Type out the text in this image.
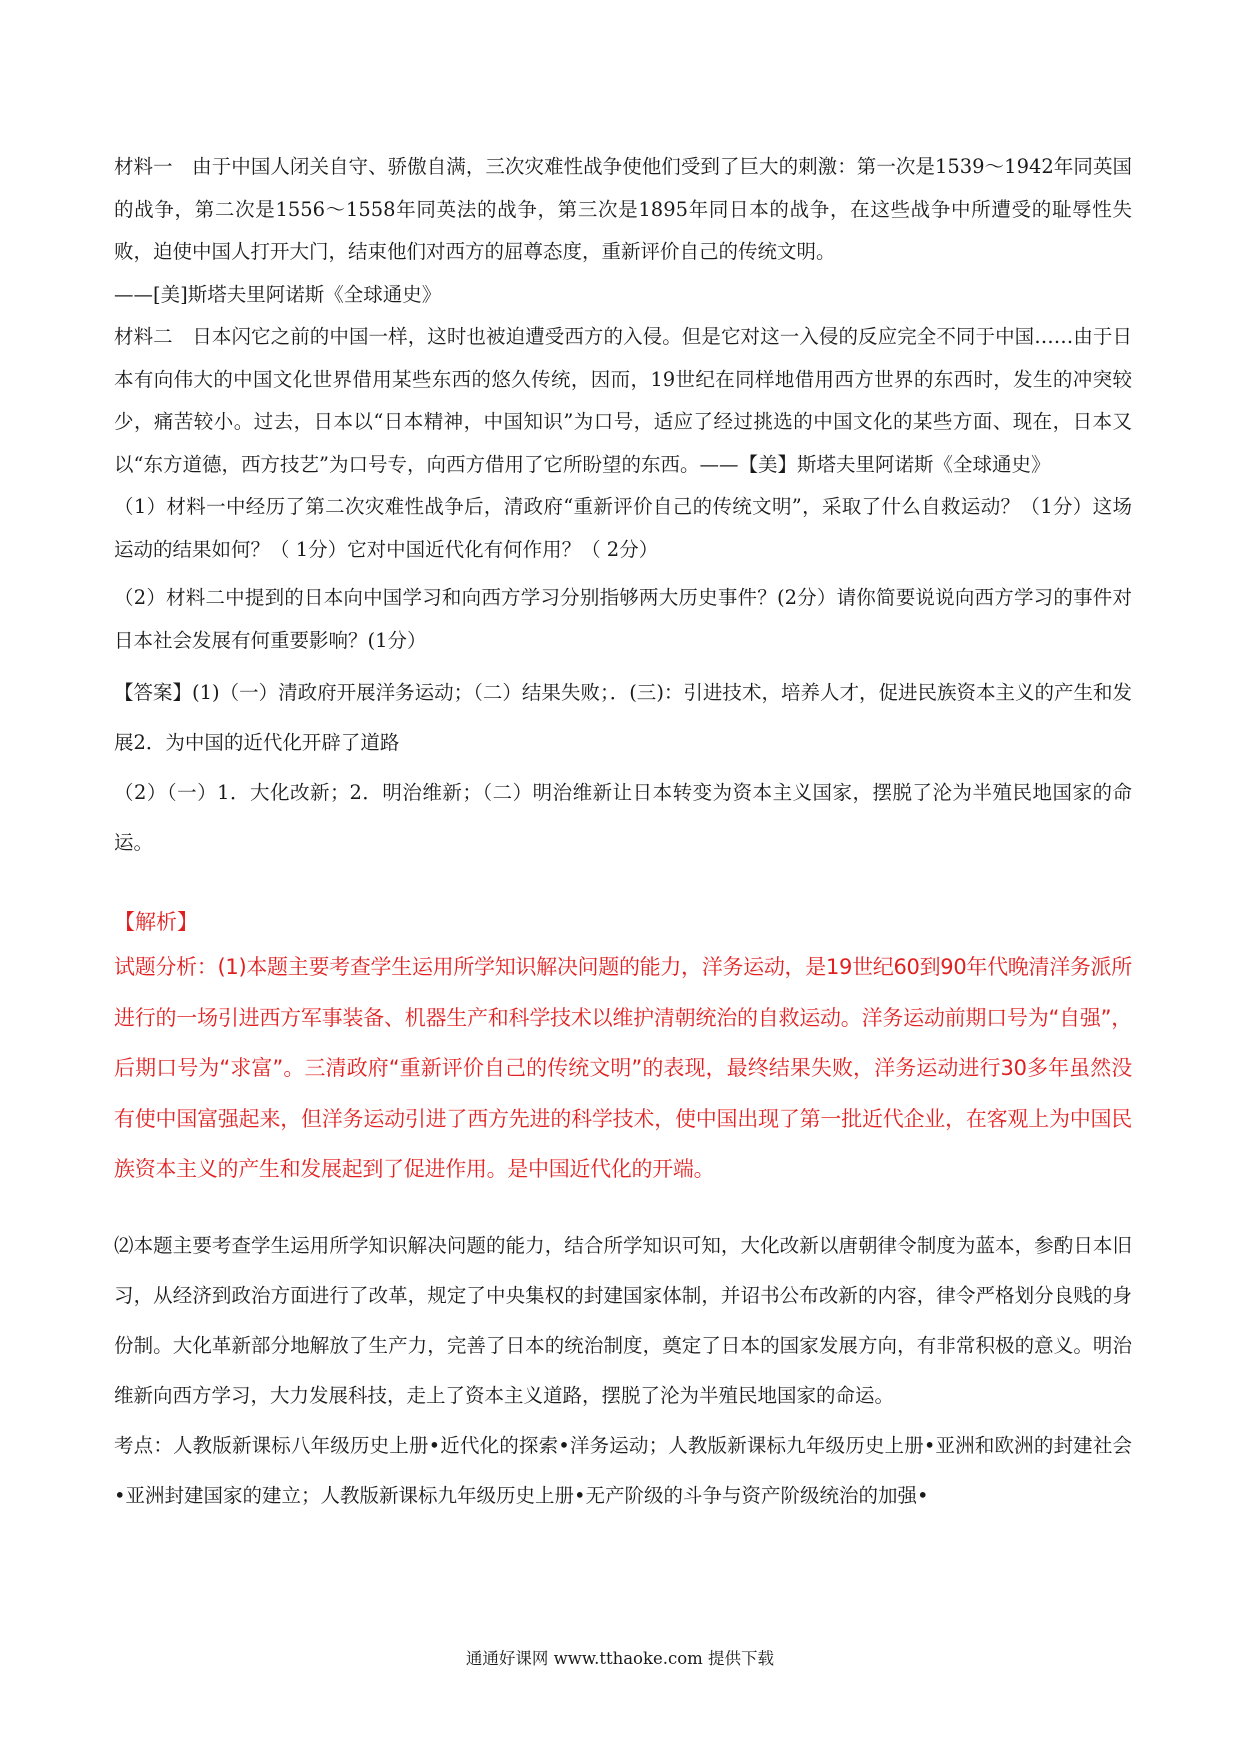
材料一　由于中国人闭关自守、骄傲自满，三次灾难性战争使他们受到了巨大的刺激：第一次是1539～1942年同英国的战争，第二次是1556～1558年同英法的战争，第三次是1895年同日本的战争，在这些战争中所遭受的耻辱性失败，迫使中国人打开大门，结束他们对西方的屈尊态度，重新评价自己的传统文明。

——[美]斯塔夫里阿诺斯《全球通史》

材料二　日本闪它之前的中国一样，这时也被迫遭受西方的入侵。但是它对这一入侵的反应完全不同于中国……由于日本有向伟大的中国文化世界借用某些东西的悠久传统，因而，19世纪在同样地借用西方世界的东西时，发生的冲突较少，痛苦较小。过去，日本以“日本精神，中国知识”为口号，适应了经过挑选的中国文化的某些方面、现在，日本又以“东方道德，西方技艺”为口号专，向西方借用了它所盼望的东西。——【美】斯塔夫里阿诺斯《全球通史》

（1）材料一中经历了第二次灾难性战争后，清政府“重新评价自己的传统文明”，采取了什么自救运动？（1分）这场运动的结果如何？（ 1分）它对中国近代化有何作用？（ 2分）

（2）材料二中提到的日本向中国学习和向西方学习分别指够两大历史事件？(2分）请你简要说说向西方学习的事件对日本社会发展有何重要影响？(1分）

【答案】(1)（一）清政府开展洋务运动；（二）结果失败；．(三)：引进技术，培养人才，促进民族资本主义的产生和发展2．为中国的近代化开辟了道路

（2）（一）1．大化改新；2．明治维新；（二）明治维新让日本转变为资本主义国家，摆脱了沦为半殖民地国家的命运。

【解析】

试题分析：(1)本题主要考查学生运用所学知识解决问题的能力，洋务运动，是19世纪60到90年代晚清洋务派所进行的一场引进西方军事装备、机器生产和科学技术以维护清朝统治的自救运动。洋务运动前期口号为“自强”，后期口号为“求富”。三清政府“重新评价自己的传统文明”的表现，最终结果失败，洋务运动进行30多年虽然没有使中国富强起来，但洋务运动引进了西方先进的科学技术，使中国出现了第一批近代企业，在客观上为中国民族资本主义的产生和发展起到了促进作用。是中国近代化的开端。

⑵本题主要考查学生运用所学知识解决问题的能力，结合所学知识可知，大化改新以唐朝律令制度为蓝本，参酌日本旧习，从经济到政治方面进行了改革，规定了中央集权的封建国家体制，并诏书公布改新的内容，律令严格划分良贱的身份制。大化革新部分地解放了生产力，完善了日本的统治制度，奠定了日本的国家发展方向，有非常积极的意义。明治维新向西方学习，大力发展科技，走上了资本主义道路，摆脱了沦为半殖民地国家的命运。

考点：人教版新课标八年级历史上册•近代化的探索•洋务运动；人教版新课标九年级历史上册•亚洲和欧洲的封建社会•亚洲封建国家的建立；人教版新课标九年级历史上册•无产阶级的斗争与资产阶级统治的加强•

通通好课网 www.tthaoke.com 提供下载
